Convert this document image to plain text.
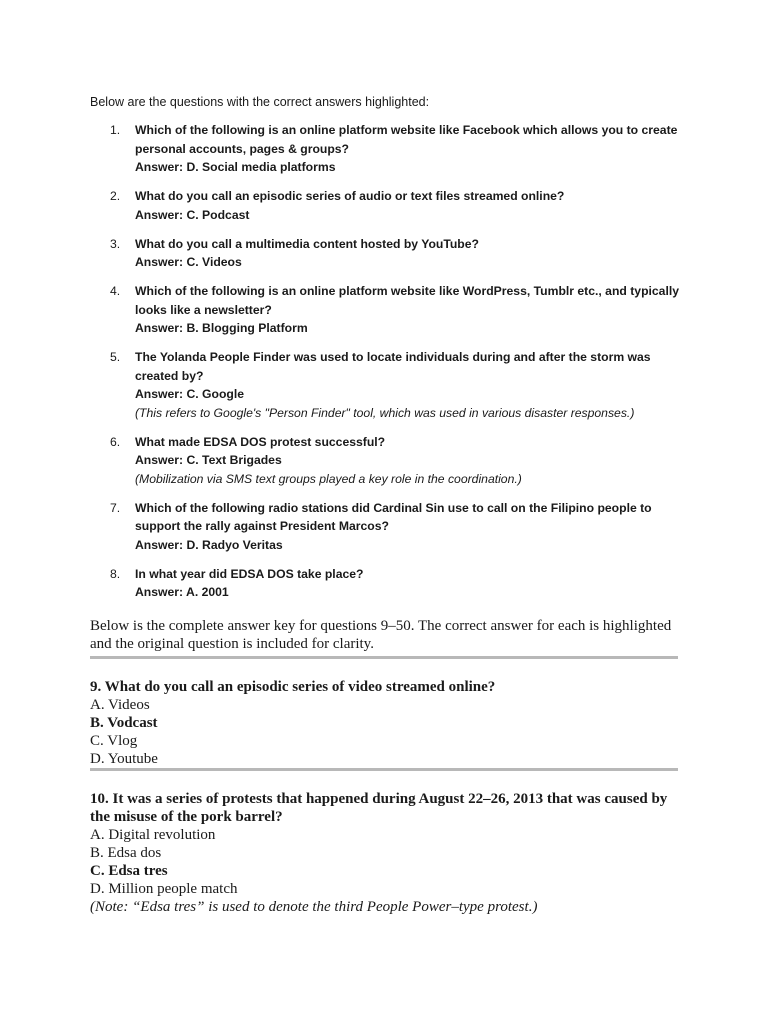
Below are the questions with the correct answers highlighted:
1.	Which of the following is an online platform website like Facebook which allows you to create personal accounts, pages & groups?
Answer: D. Social media platforms
2.	What do you call an episodic series of audio or text files streamed online?
Answer: C. Podcast
3.	What do you call a multimedia content hosted by YouTube?
Answer: C. Videos
4.	Which of the following is an online platform website like WordPress, Tumblr etc., and typically looks like a newsletter?
Answer: B. Blogging Platform
5.	The Yolanda People Finder was used to locate individuals during and after the storm was created by?
Answer: C. Google
(This refers to Google's "Person Finder" tool, which was used in various disaster responses.)
6.	What made EDSA DOS protest successful?
Answer: C. Text Brigades
(Mobilization via SMS text groups played a key role in the coordination.)
7.	Which of the following radio stations did Cardinal Sin use to call on the Filipino people to support the rally against President Marcos?
Answer: D. Radyo Veritas
8.	In what year did EDSA DOS take place?
Answer: A. 2001
Below is the complete answer key for questions 9–50. The correct answer for each is highlighted and the original question is included for clarity.
9. What do you call an episodic series of video streamed online?
A. Videos
B. Vodcast
C. Vlog
D. Youtube
10. It was a series of protests that happened during August 22–26, 2013 that was caused by the misuse of the pork barrel?
A. Digital revolution
B. Edsa dos
C. Edsa tres
D. Million people match
(Note: “Edsa tres” is used to denote the third People Power–type protest.)
